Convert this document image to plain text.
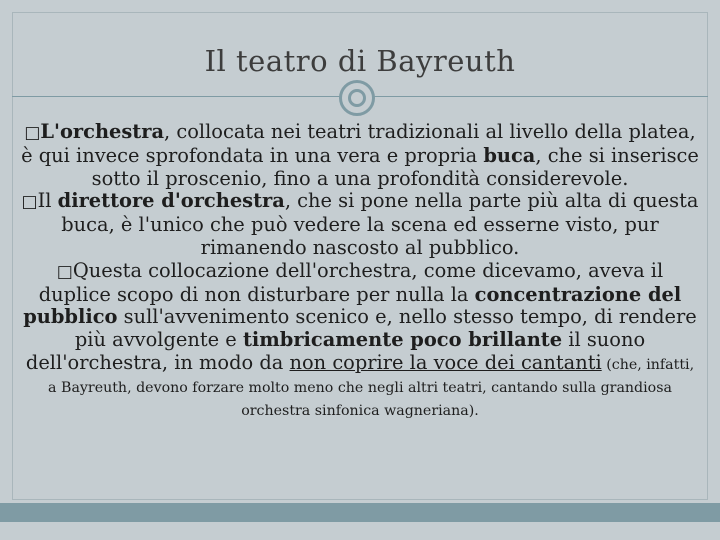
Il teatro di Bayreuth

□L'orchestra, collocata nei teatri tradizionali al livello della platea, è qui invece sprofondata in una vera e propria buca, che si inserisce sotto il proscenio, fino a una profondità considerevole.

□Il direttore d'orchestra, che si pone nella parte più alta di questa buca, è l'unico che può vedere la scena ed esserne visto, pur rimanendo nascosto al pubblico.

□Questa collocazione dell'orchestra, come dicevamo, aveva il duplice scopo di non disturbare per nulla la concentrazione del pubblico sull'avvenimento scenico e, nello stesso tempo, di rendere più avvolgente e timbricamente poco brillante il suono dell'orchestra, in modo da non coprire la voce dei cantanti (che, infatti, a Bayreuth, devono forzare molto meno che negli altri teatri, cantando sulla grandiosa orchestra sinfonica wagneriana).
